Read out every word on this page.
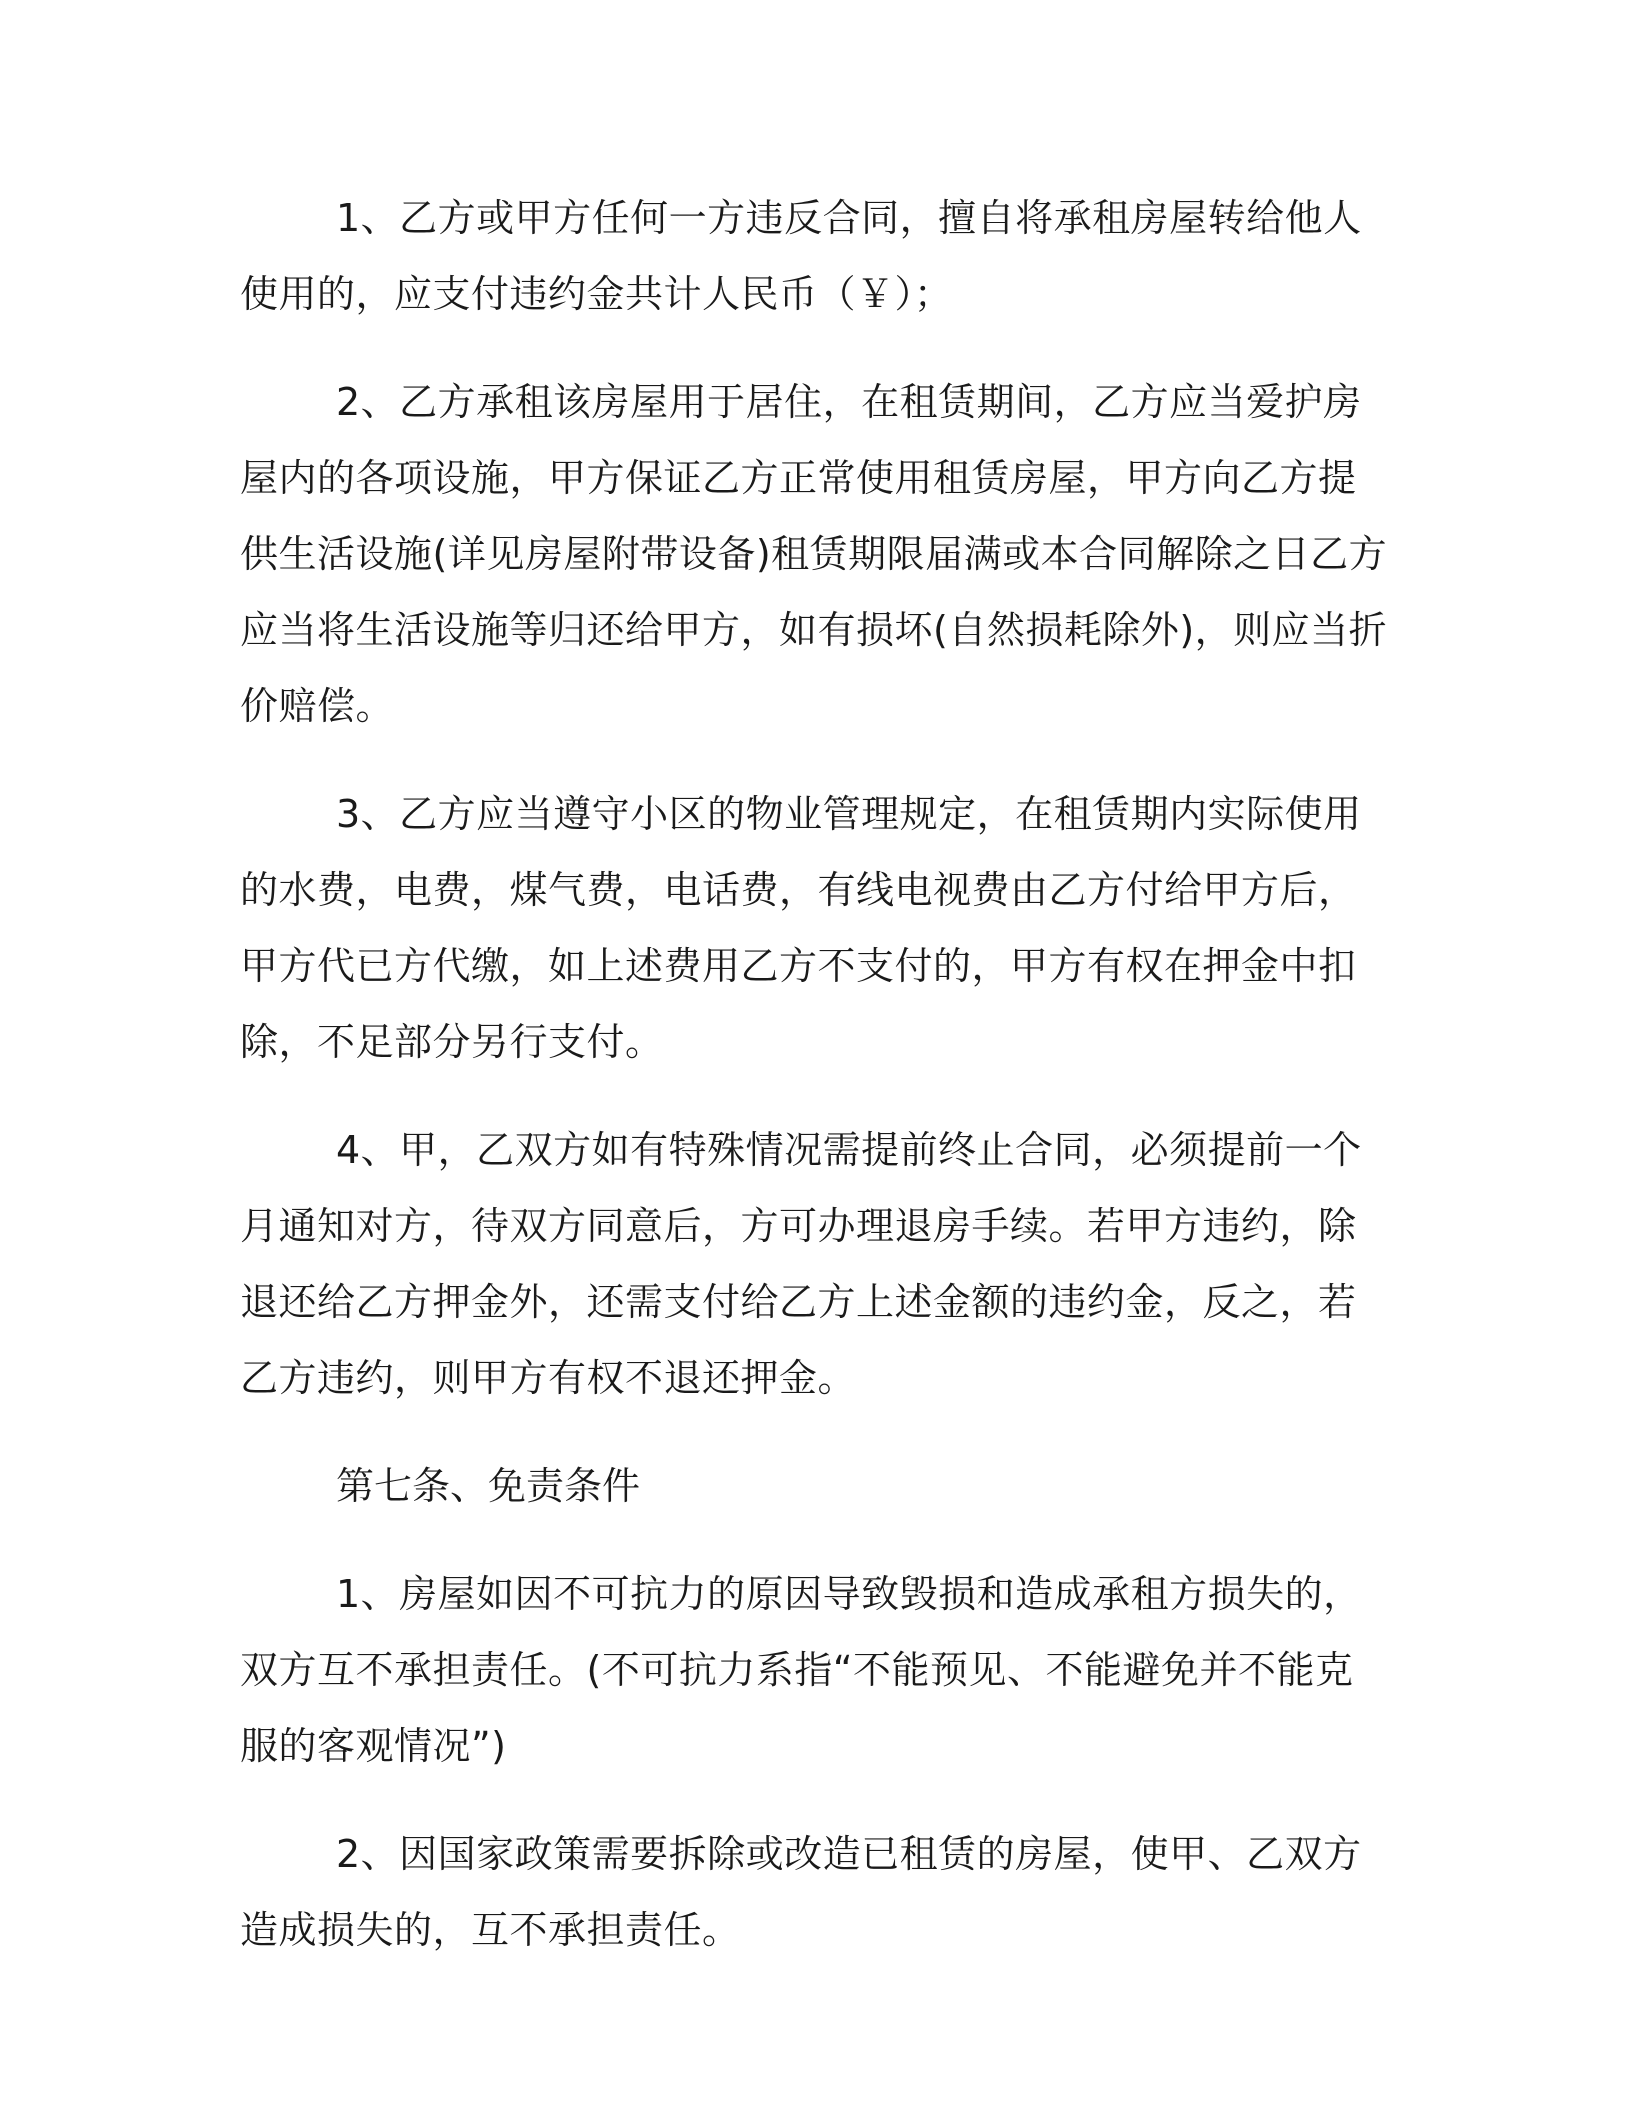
1、乙方或甲方任何一方违反合同，擅自将承租房屋转给他人使用的，应支付违约金共计人民币（￥）；

2、乙方承租该房屋用于居住，在租赁期间，乙方应当爱护房屋内的各项设施，甲方保证乙方正常使用租赁房屋，甲方向乙方提供生活设施(详见房屋附带设备)租赁期限届满或本合同解除之日乙方应当将生活设施等归还给甲方，如有损坏(自然损耗除外)，则应当折价赔偿。

3、乙方应当遵守小区的物业管理规定，在租赁期内实际使用的水费，电费，煤气费，电话费，有线电视费由乙方付给甲方后，甲方代已方代缴，如上述费用乙方不支付的，甲方有权在押金中扣除，不足部分另行支付。

4、甲，乙双方如有特殊情况需提前终止合同，必须提前一个月通知对方，待双方同意后，方可办理退房手续。若甲方违约，除退还给乙方押金外，还需支付给乙方上述金额的违约金，反之，若乙方违约，则甲方有权不退还押金。

第七条、免责条件

1、房屋如因不可抗力的原因导致毁损和造成承租方损失的，双方互不承担责任。(不可抗力系指“不能预见、不能避免并不能克服的客观情况”)

2、因国家政策需要拆除或改造已租赁的房屋，使甲、乙双方造成损失的，互不承担责任。
